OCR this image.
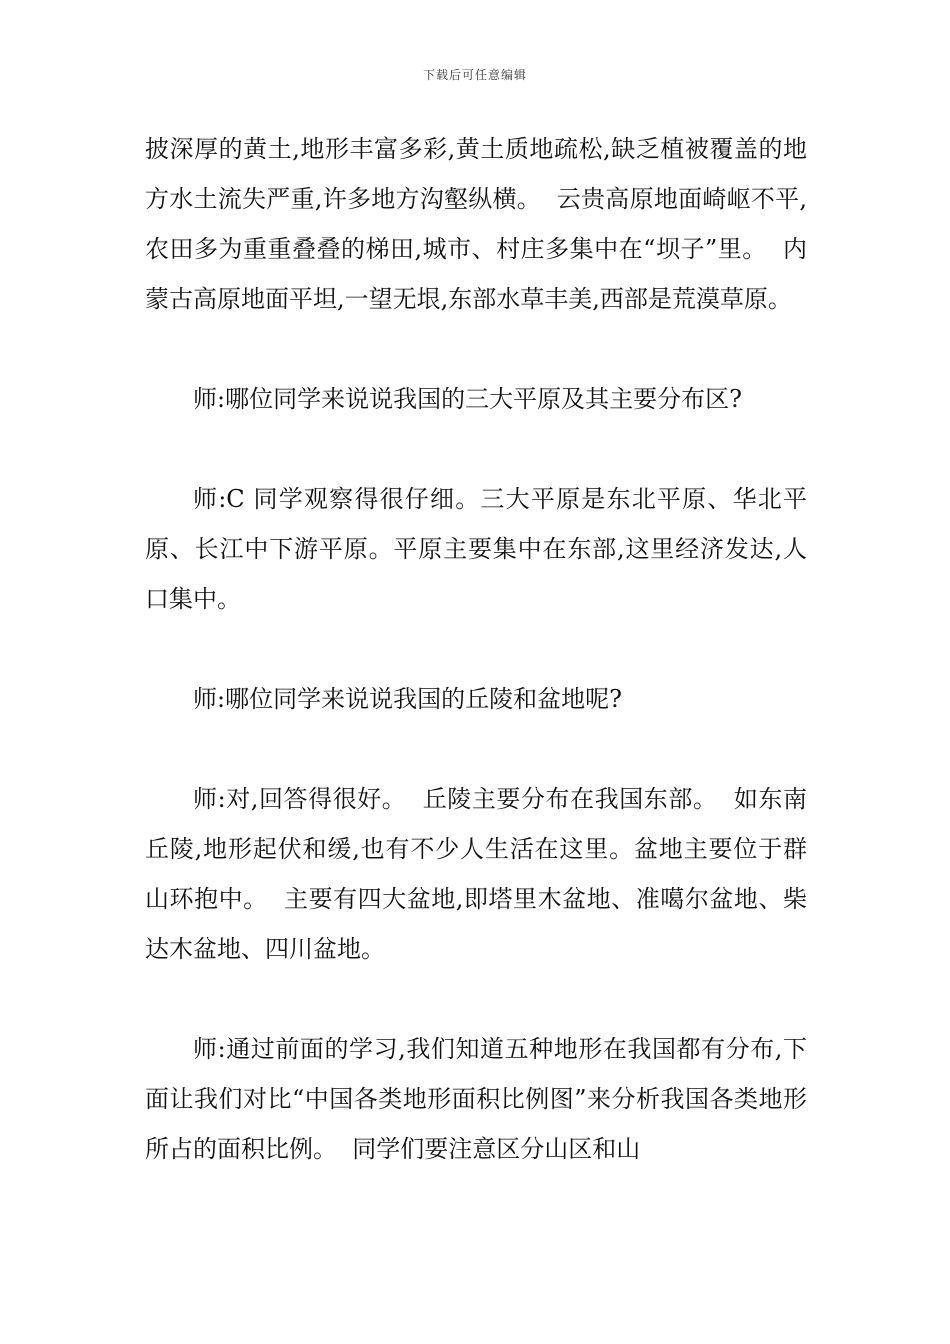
下载后可任意编辑

披深厚的黄土,地形丰富多彩,黄土质地疏松,缺乏植被覆盖的地方水土流失严重,许多地方沟壑纵横。  云贵高原地面崎岖不平,农田多为重重叠叠的梯田,城市、村庄多集中在“坝子”里。  内蒙古高原地面平坦,一望无垠,东部水草丰美,西部是荒漠草原。

师:哪位同学来说说我国的三大平原及其主要分布区?

师:C 同学观察得很仔细。三大平原是东北平原、华北平原、长江中下游平原。平原主要集中在东部,这里经济发达,人口集中。

师:哪位同学来说说我国的丘陵和盆地呢?

师:对,回答得很好。  丘陵主要分布在我国东部。  如东南丘陵,地形起伏和缓,也有不少人生活在这里。盆地主要位于群山环抱中。  主要有四大盆地,即塔里木盆地、准噶尔盆地、柴达木盆地、四川盆地。

师:通过前面的学习,我们知道五种地形在我国都有分布,下面让我们对比“中国各类地形面积比例图”来分析我国各类地形所占的面积比例。  同学们要注意区分山区和山
